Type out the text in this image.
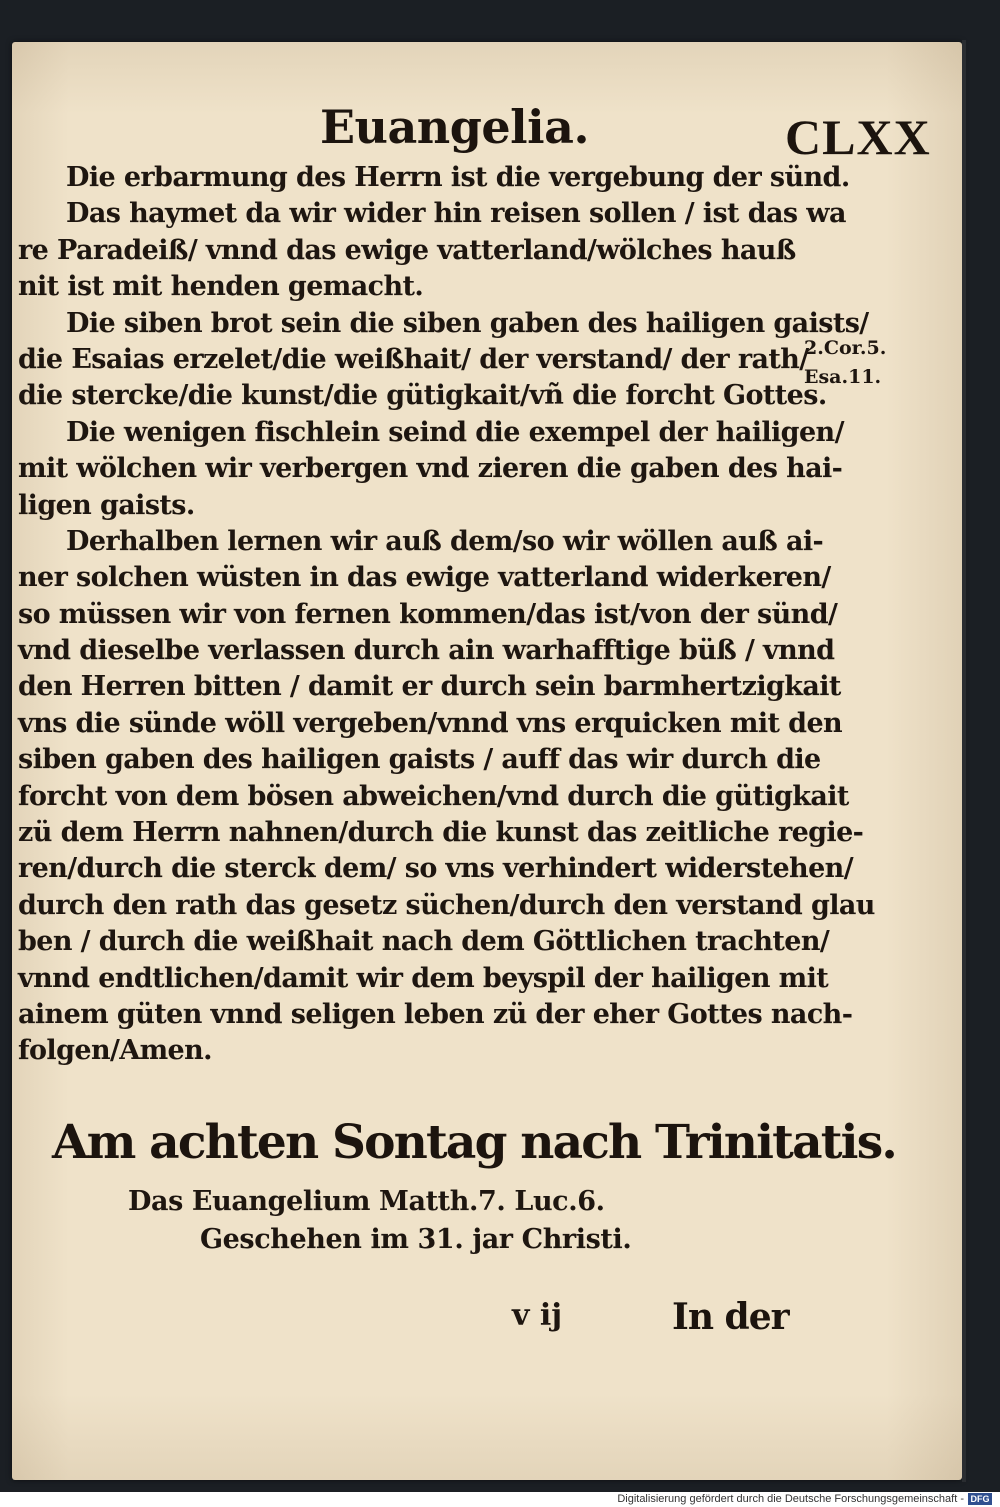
Euangelia.	CLXX
Die erbarmung des Herrn ist die vergebung der sünd.
Das haymet da wir wider hin reisen sollen / ist das wa
re Paradeiß/ vnnd das ewige vatterland/wölches hauß
nit ist mit henden gemacht.
Die siben brot sein die siben gaben des hailigen gaists/
die Esaias erzelet/die weißhait/ der verstand/ der rath/
die stercke/die kunst/die gütigkait/vñ die forcht Gottes.
Die wenigen fischlein seind die exempel der hailigen/
mit wölchen wir verbergen vnd zieren die gaben des hai-
ligen gaists.
Derhalben lernen wir auß dem/so wir wöllen auß ai-
ner solchen wüsten in das ewige vatterland widerkeren/
so müssen wir von fernen kommen/das ist/von der sünd/
vnd dieselbe verlassen durch ain warhafftige büß / vnnd
den Herren bitten / damit er durch sein barmhertzigkait
vns die sünde wöll vergeben/vnnd vns erquicken mit den
siben gaben des hailigen gaists / auff das wir durch die
forcht von dem bösen abweichen/vnd durch die gütigkait
zü dem Herrn nahnen/durch die kunst das zeitliche regie-
ren/durch die sterck dem/ so vns verhindert widerstehen/
durch den rath das gesetz süchen/durch den verstand glau
ben / durch die weißhait nach dem Göttlichen trachten/
vnnd endtlichen/damit wir dem beyspil der hailigen mit
ainem güten vnnd seligen leben zü der eher Gottes nach-
folgen/Amen.
2.Cor.5.
Esa.11.
Am achten Sontag nach Trinitatis.
Das Euangelium Matth.7. Luc.6.
Geschehen im 31. jar Christi.
v ij	In der
Digitalisierung gefördert durch die Deutsche Forschungsgemeinschaft - DFG
